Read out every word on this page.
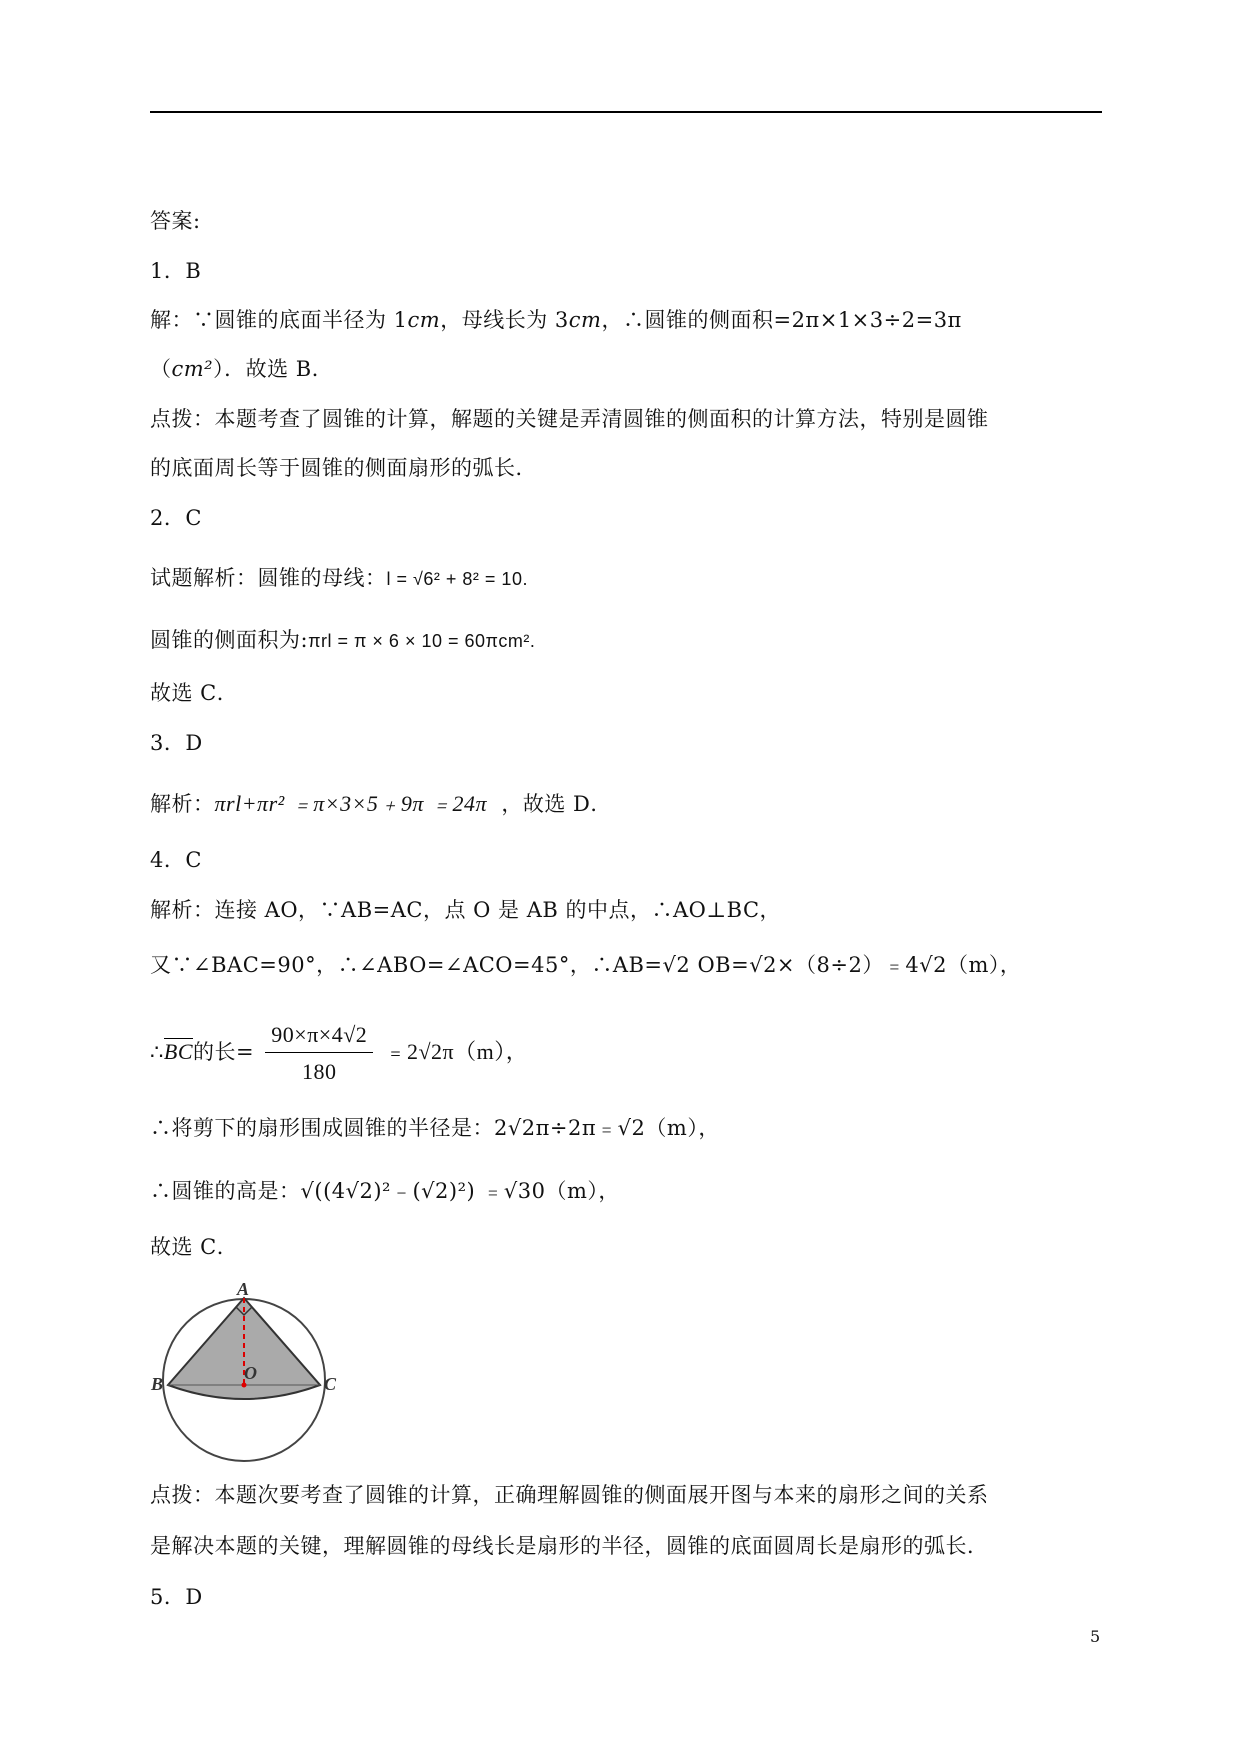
答案:
1．B
解：∵圆锥的底面半径为 1cm，母线长为 3cm，∴圆锥的侧面积=2π×1×3÷2=3π
（cm²）．故选 B．
点拨：本题考查了圆锥的计算，解题的关键是弄清圆锥的侧面积的计算方法，特别是圆锥
的底面周长等于圆锥的侧面扇形的弧长．
2．C
试题解析：圆锥的母线：l = √6² + 8² = 10.
圆锥的侧面积为:πrl = π × 6 × 10 = 60πcm².
故选 C．
3．D
解析：πrl+πr² ﹦π×3×5﹢9π ﹦24π ，故选 D．
4．C
解析：连接 AO，∵AB=AC，点 O 是 AB 的中点，∴AO⊥BC，
又∵∠BAC=90°，∴∠ABO=∠ACO=45°，∴AB=√2 OB=√2×（8÷2）﹦4√2（m），
∴BC的长= $\frac{90\times\pi\times 4√2}{180}$ ﹦2√2π（m），
∴将剪下的扇形围成圆锥的半径是：2√2π÷2π﹦√2（m），
∴圆锥的高是：√((4√2)²﹣(√2)²) ﹦√30（m），
故选 C．
A
B	C
O
点拨：本题次要考查了圆锥的计算，正确理解圆锥的侧面展开图与本来的扇形之间的关系
是解决本题的关键，理解圆锥的母线长是扇形的半径，圆锥的底面圆周长是扇形的弧长．
5．D
5
